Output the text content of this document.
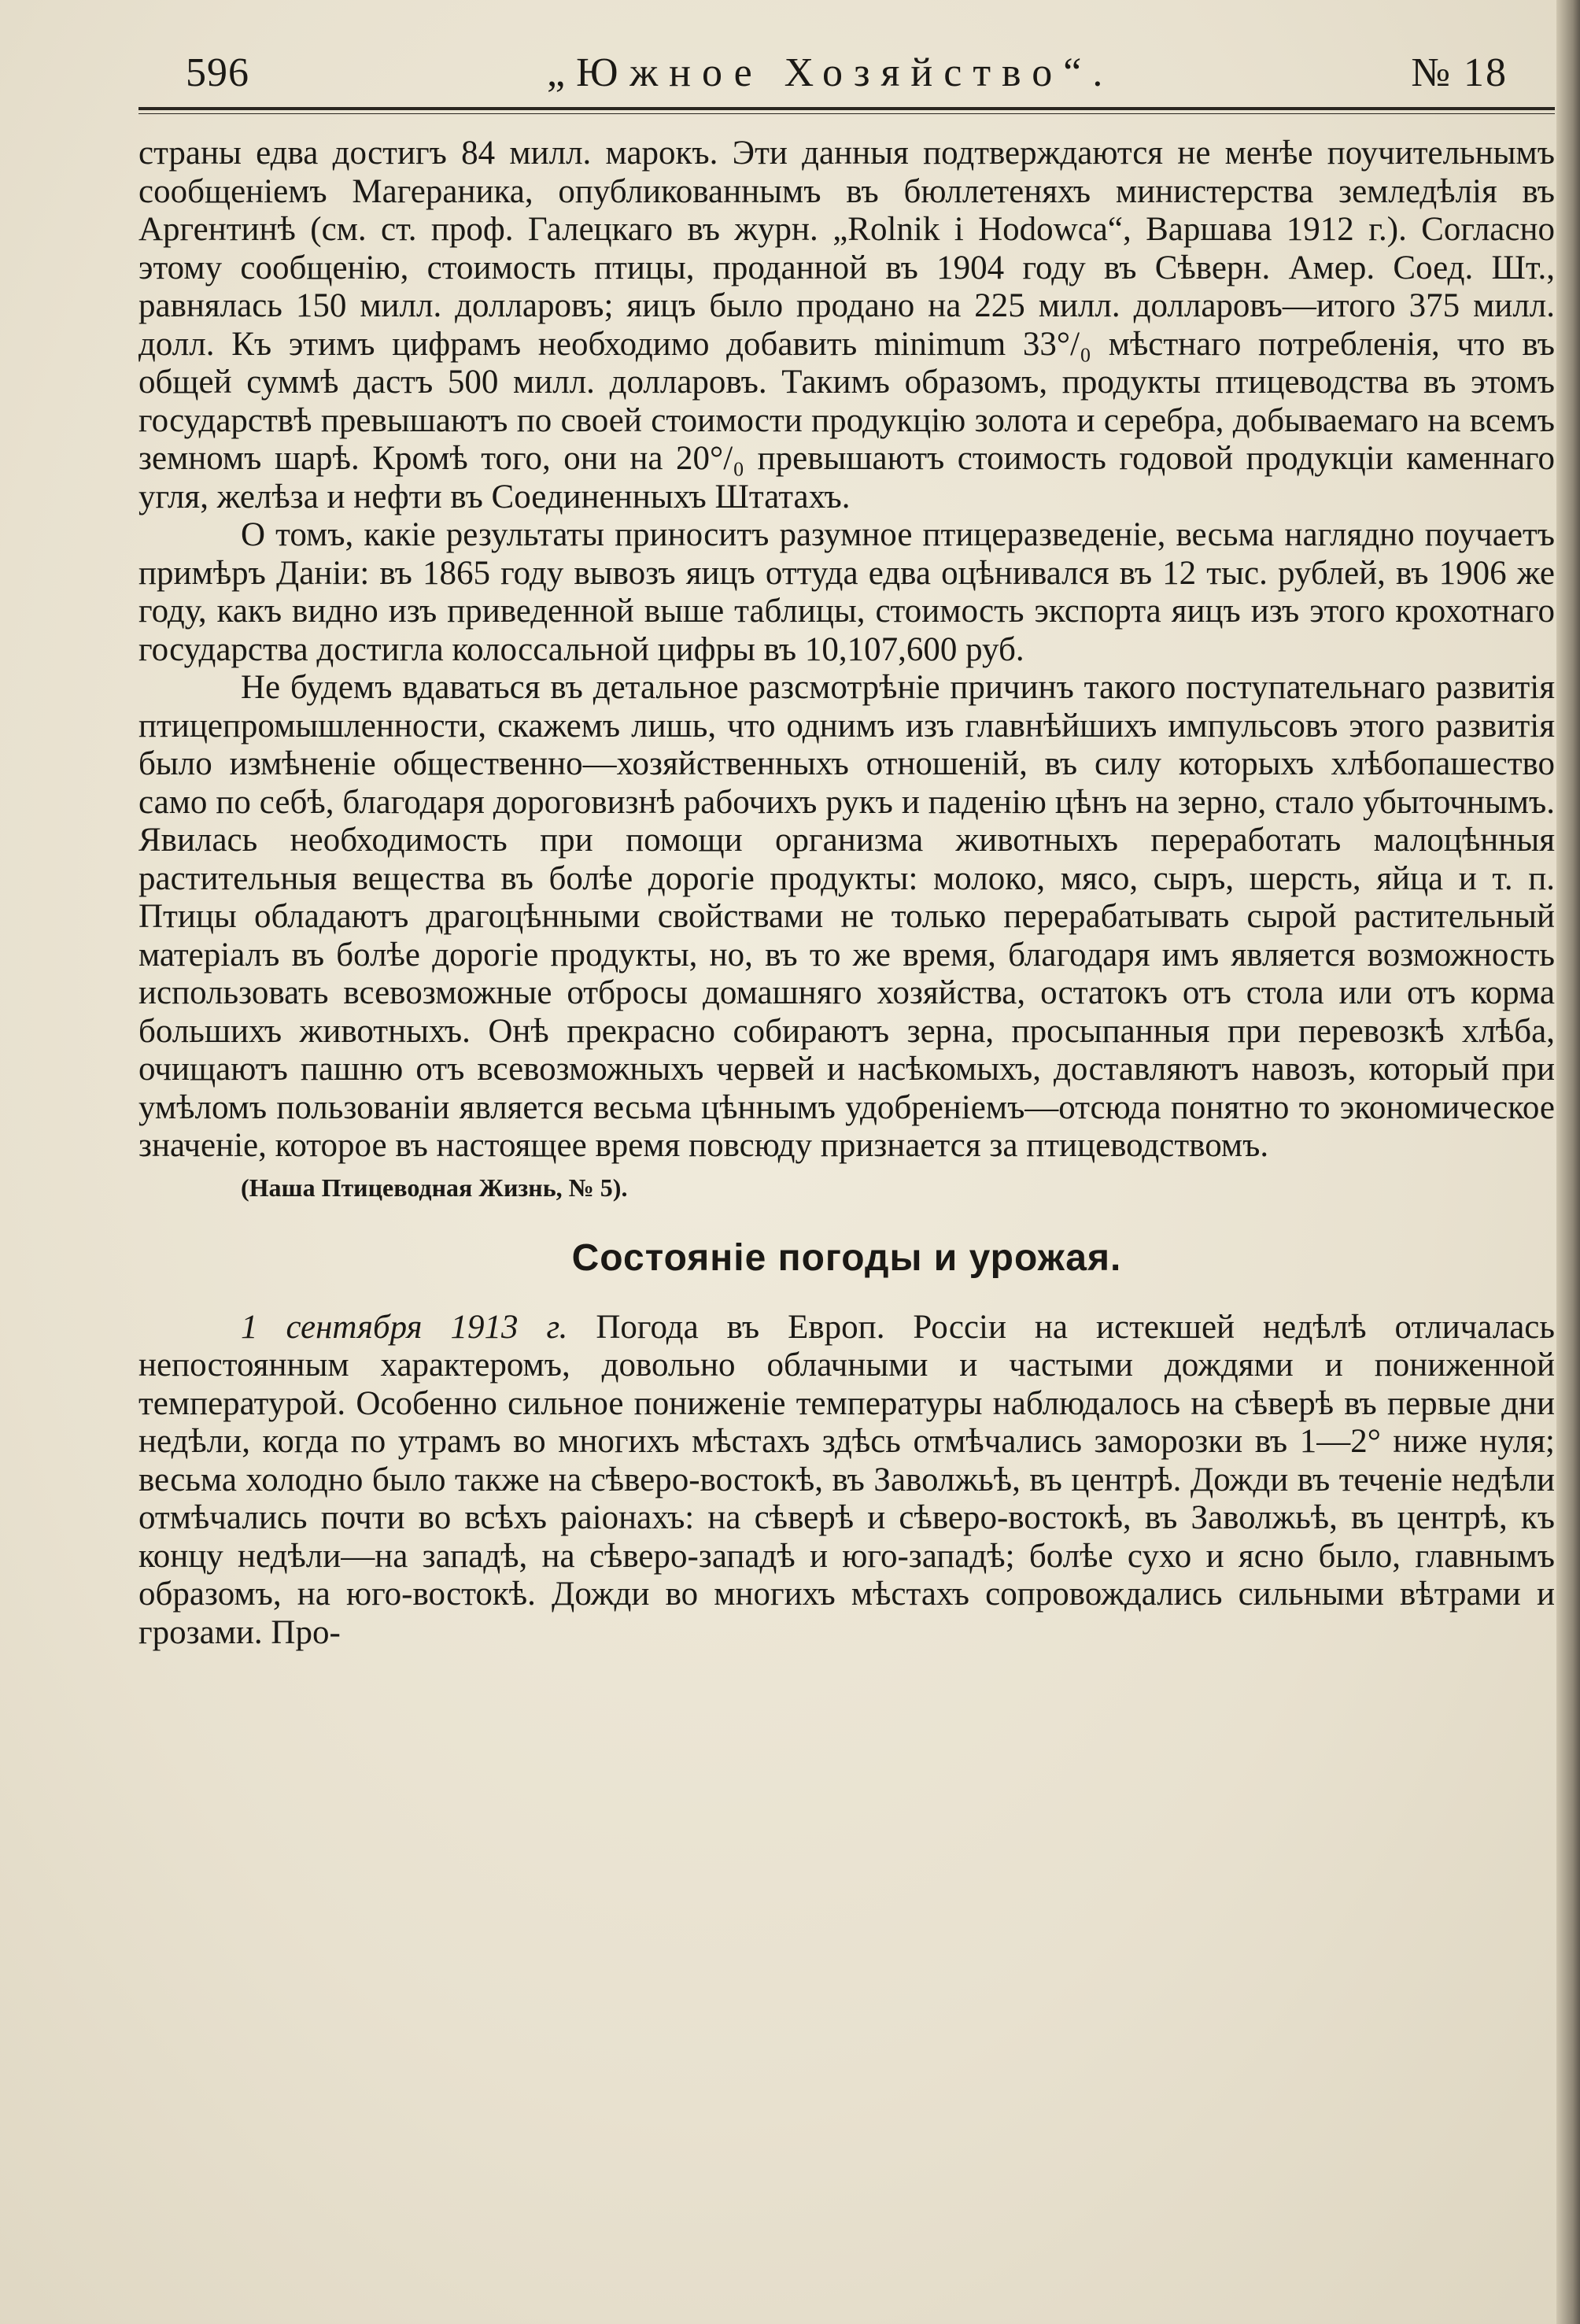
596	„Южное Хозяйство“.	№ 18

страны едва достигъ 84 милл. марокъ. Эти данныя подтверждаются не менѣе поучительнымъ сообщенiемъ Магераника, опубликованнымъ въ бюллетеняхъ министерства земледѣлiя въ Аргентинѣ (см. ст. проф. Галецкаго въ журн. „Rolnik i Hodowca“, Варшава 1912 г.). Согласно этому сообщенiю, стоимость птицы, проданной въ 1904 году въ Сѣверн. Амер. Соед. Шт., равнялась 150 милл. долларовъ; яицъ было продано на 225 милл. долларовъ—итого 375 милл. долл. Къ этимъ цифрамъ необходимо добавить minimum 33°/₀ мѣстнаго потребленiя, что въ общей суммѣ дастъ 500 милл. долларовъ. Такимъ образомъ, продукты птицеводства въ этомъ государствѣ превышаютъ по своей стоимости продукцiю золота и серебра, добываемаго на всемъ земномъ шарѣ. Кромѣ того, они на 20°/₀ превышаютъ стоимость годовой продукцiи каменнаго угля, желѣза и нефти въ Соединенныхъ Штатахъ.

О томъ, какiе результаты приноситъ разумное птицеразведенiе, весьма наглядно поучаетъ примѣръ Данiи: въ 1865 году вывозъ яицъ оттуда едва оцѣнивался въ 12 тыс. рублей, въ 1906 же году, какъ видно изъ приведенной выше таблицы, стоимость экспорта яицъ изъ этого крохотнаго государства достигла колоссальной цифры въ 10,107,600 руб.

Не будемъ вдаваться въ детальное разсмотрѣнiе причинъ такого поступательнаго развитiя птицепромышленности, скажемъ лишь, что однимъ изъ главнѣйшихъ импульсовъ этого развитiя было измѣненiе общественно—хозяйственныхъ отношенiй, въ силу которыхъ хлѣбопашество само по себѣ, благодаря дороговизнѣ рабочихъ рукъ и паденiю цѣнъ на зерно, стало убыточнымъ. Явилась необходимость при помощи организма животныхъ переработать малоцѣнныя растительныя вещества въ болѣе дорогiе продукты: молоко, мясо, сыръ, шерсть, яйца и т. п. Птицы обладаютъ драгоцѣнными свойствами не только перерабатывать сырой растительный матерiалъ въ болѣе дорогiе продукты, но, въ то же время, благодаря имъ является возможность использовать всевозможные отбросы домашняго хозяйства, остатокъ отъ стола или отъ корма большихъ животныхъ. Онѣ прекрасно собираютъ зерна, просыпанныя при перевозкѣ хлѣба, очищаютъ пашню отъ всевозможныхъ червей и насѣкомыхъ, доставляютъ навозъ, который при умѣломъ пользованiи является весьма цѣннымъ удобренiемъ—отсюда понятно то экономическое значенiе, которое въ настоящее время повсюду признается за птицеводствомъ.

(Наша Птицеводная Жизнь, № 5).
Состоянiе погоды и урожая.

1 сентября 1913 г. Погода въ Европ. Россiи на истекшей недѣлѣ отличалась непостоянным характеромъ, довольно облачными и частыми дождями и пониженной температурой. Особенно сильное пониженiе температуры наблюдалось на сѣверѣ въ первые дни недѣли, когда по утрамъ во многихъ мѣстахъ здѣсь отмѣчались заморозки въ 1—2° ниже нуля; весьма холодно было также на сѣверо-востокѣ, въ Заволжьѣ, въ центрѣ. Дожди въ теченiе недѣли отмѣчались почти во всѣхъ раiонахъ: на сѣверѣ и сѣверо-востокѣ, въ Заволжьѣ, въ центрѣ, къ концу недѣли—на западѣ, на сѣверо-западѣ и юго-западѣ; болѣе сухо и ясно было, главнымъ образомъ, на юго-востокѣ. Дожди во многихъ мѣстахъ сопровождались сильными вѣтрами и грозами. Про-
